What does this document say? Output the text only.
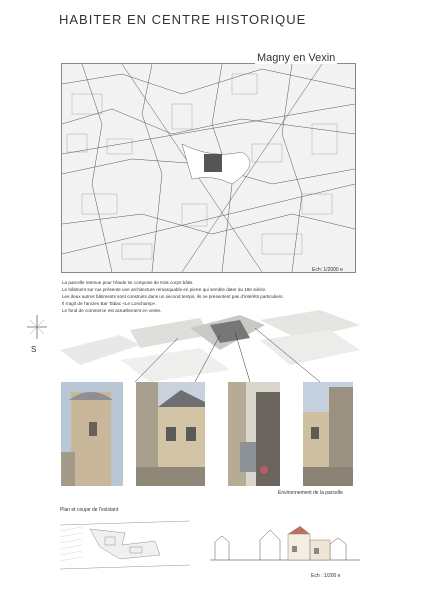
HABITER EN CENTRE HISTORIQUE
Magny en Vexin
Ech: 1/2000 e
La parcelle retenue pour l'étude se compose de trois corps bâtis.
Le bâtiment sur rue présente une architecture remarquable en pierre qui semble dater du 18e siècle.
Les deux autres bâtiments sont construits dans un second temps, ils ne présentent pas d'intérêts particuliers.
Il s'agit de l'ancien Bar Tabac «Le Lonchamp».
Le fond de commerce est actuellement en vente.
S
Environnement de la parcelle
Plan et coupe de l'existant
Ech : 1/200 e
